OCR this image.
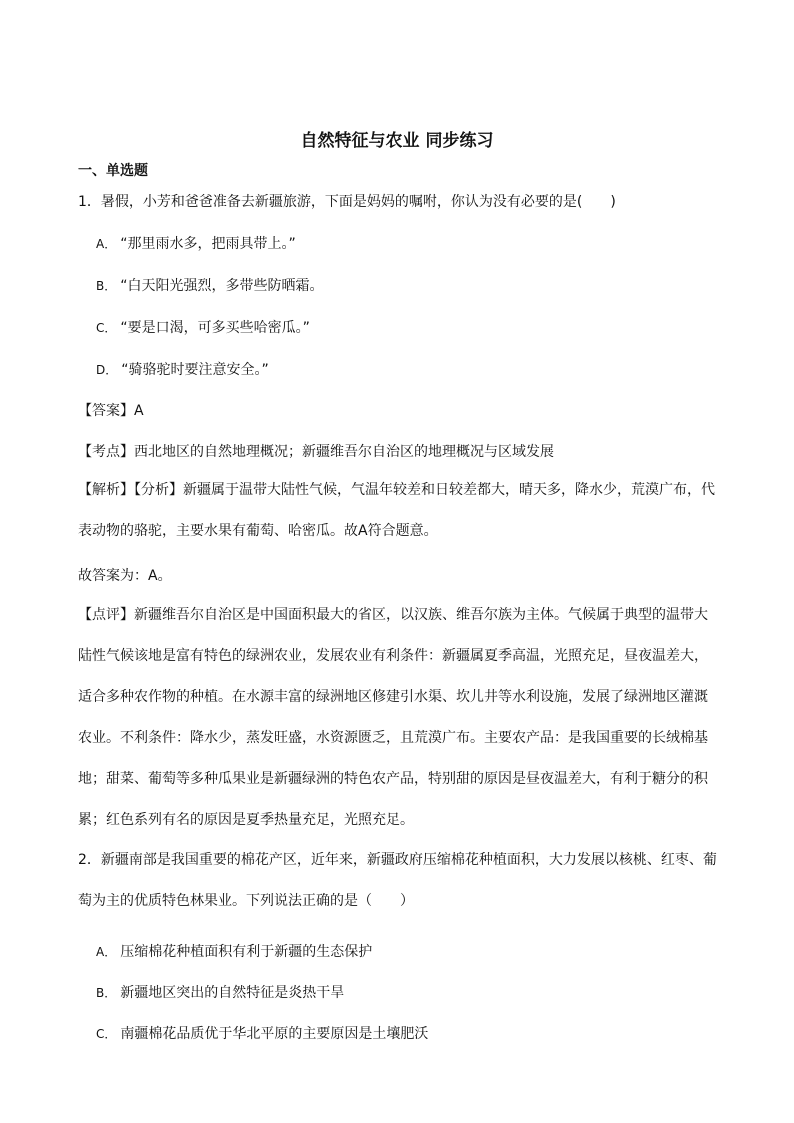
自然特征与农业 同步练习
一、单选题
1．暑假，小芳和爸爸准备去新疆旅游，下面是妈妈的嘱咐，你认为没有必要的是(　　)
A． “那里雨水多，把雨具带上。”
B． “白天阳光强烈，多带些防晒霜。
C． “要是口渴，可多买些哈密瓜。”
D． “骑骆驼时要注意安全。”
【答案】A
【考点】西北地区的自然地理概况；新疆维吾尔自治区的地理概况与区域发展
【解析】【分析】新疆属于温带大陆性气候，气温年较差和日较差都大，晴天多，降水少，荒漠广布，代表动物的骆驼，主要水果有葡萄、哈密瓜。故A符合题意。
故答案为：A。
【点评】新疆维吾尔自治区是中国面积最大的省区，以汉族、维吾尔族为主体。气候属于典型的温带大陆性气候该地是富有特色的绿洲农业，发展农业有利条件：新疆属夏季高温，光照充足，昼夜温差大，适合多种农作物的种植。在水源丰富的绿洲地区修建引水渠、坎儿井等水利设施，发展了绿洲地区灌溉农业。不利条件：降水少，蒸发旺盛，水资源匮乏，且荒漠广布。主要农产品：是我国重要的长绒棉基地；甜菜、葡萄等多种瓜果业是新疆绿洲的特色农产品，特别甜的原因是昼夜温差大，有利于糖分的积累；红色系列有名的原因是夏季热量充足，光照充足。
2．新疆南部是我国重要的棉花产区，近年来，新疆政府压缩棉花种植面积，大力发展以核桃、红枣、葡萄为主的优质特色林果业。下列说法正确的是（　　）
A． 压缩棉花种植面积有利于新疆的生态保护
B． 新疆地区突出的自然特征是炎热干旱
C． 南疆棉花品质优于华北平原的主要原因是土壤肥沃
